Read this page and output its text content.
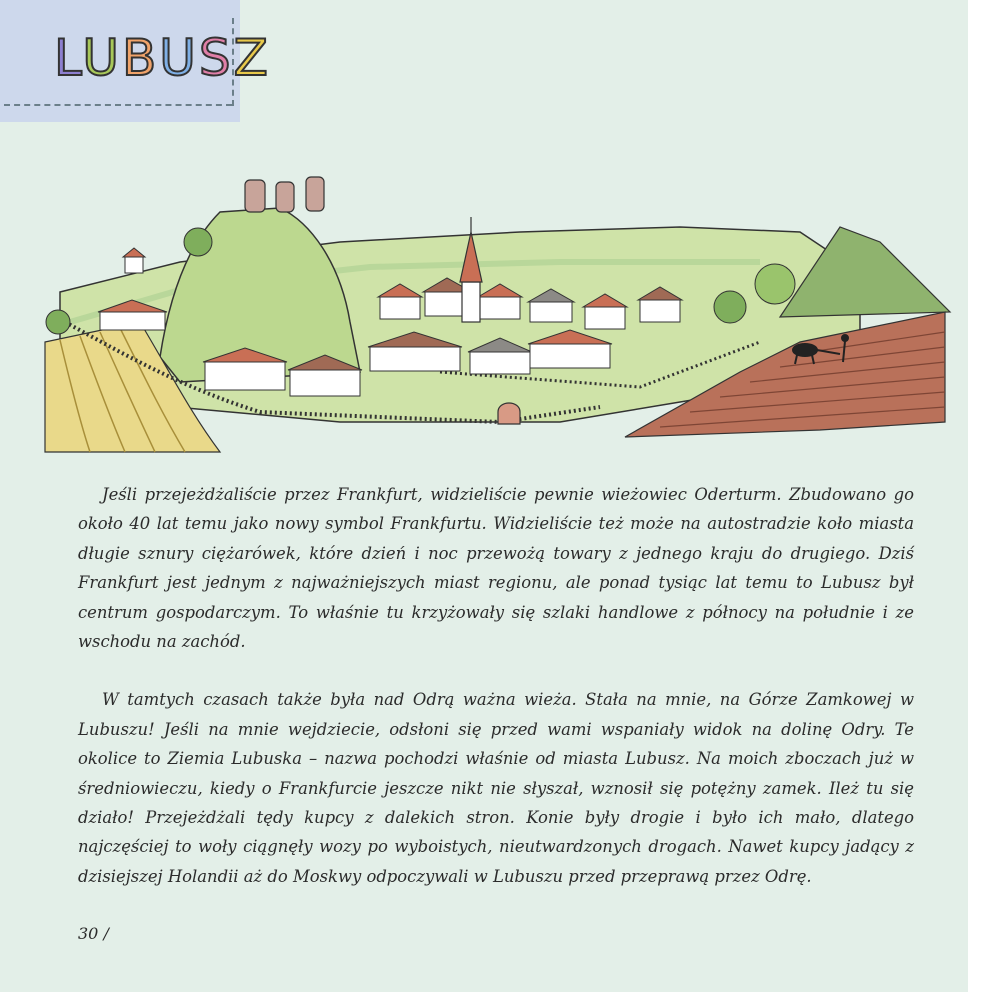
LUBUSZ

Jeśli przejeżdżaliście przez Frankfurt, widzieliście pewnie wieżowiec Oderturm. Zbudowano go około 40 lat temu jako nowy symbol Frankfurtu. Widzieliście też może na autostradzie koło miasta długie sznury ciężarówek, które dzień i noc przewożą towary z jednego kraju do drugiego. Dziś Frankfurt jest jednym z najważniejszych miast regionu, ale ponad tysiąc lat temu to Lubusz był centrum gospodarczym. To właśnie tu krzyżowały się szlaki handlowe z północy na południe i ze wschodu na zachód.

W tamtych czasach także była nad Odrą ważna wieża. Stała na mnie, na Górze Zamkowej w Lubuszu! Jeśli na mnie wejdziecie, odsłoni się przed wami wspaniały widok na dolinę Odry. Te okolice to Ziemia Lubuska – nazwa pochodzi właśnie od miasta Lubusz. Na moich zboczach już w średniowieczu, kiedy o Frankfurcie jeszcze nikt nie słyszał, wznosił się potężny zamek. Ileż tu się działo! Przejeżdżali tędy kupcy z dalekich stron. Konie były drogie i było ich mało, dlatego najczęściej to woły ciągnęły wozy po wyboistych, nieutwardzonych drogach. Nawet kupcy jadący z dzisiejszej Holandii aż do Moskwy odpoczywali w Lubuszu przed przeprawą przez Odrę.

30 /
